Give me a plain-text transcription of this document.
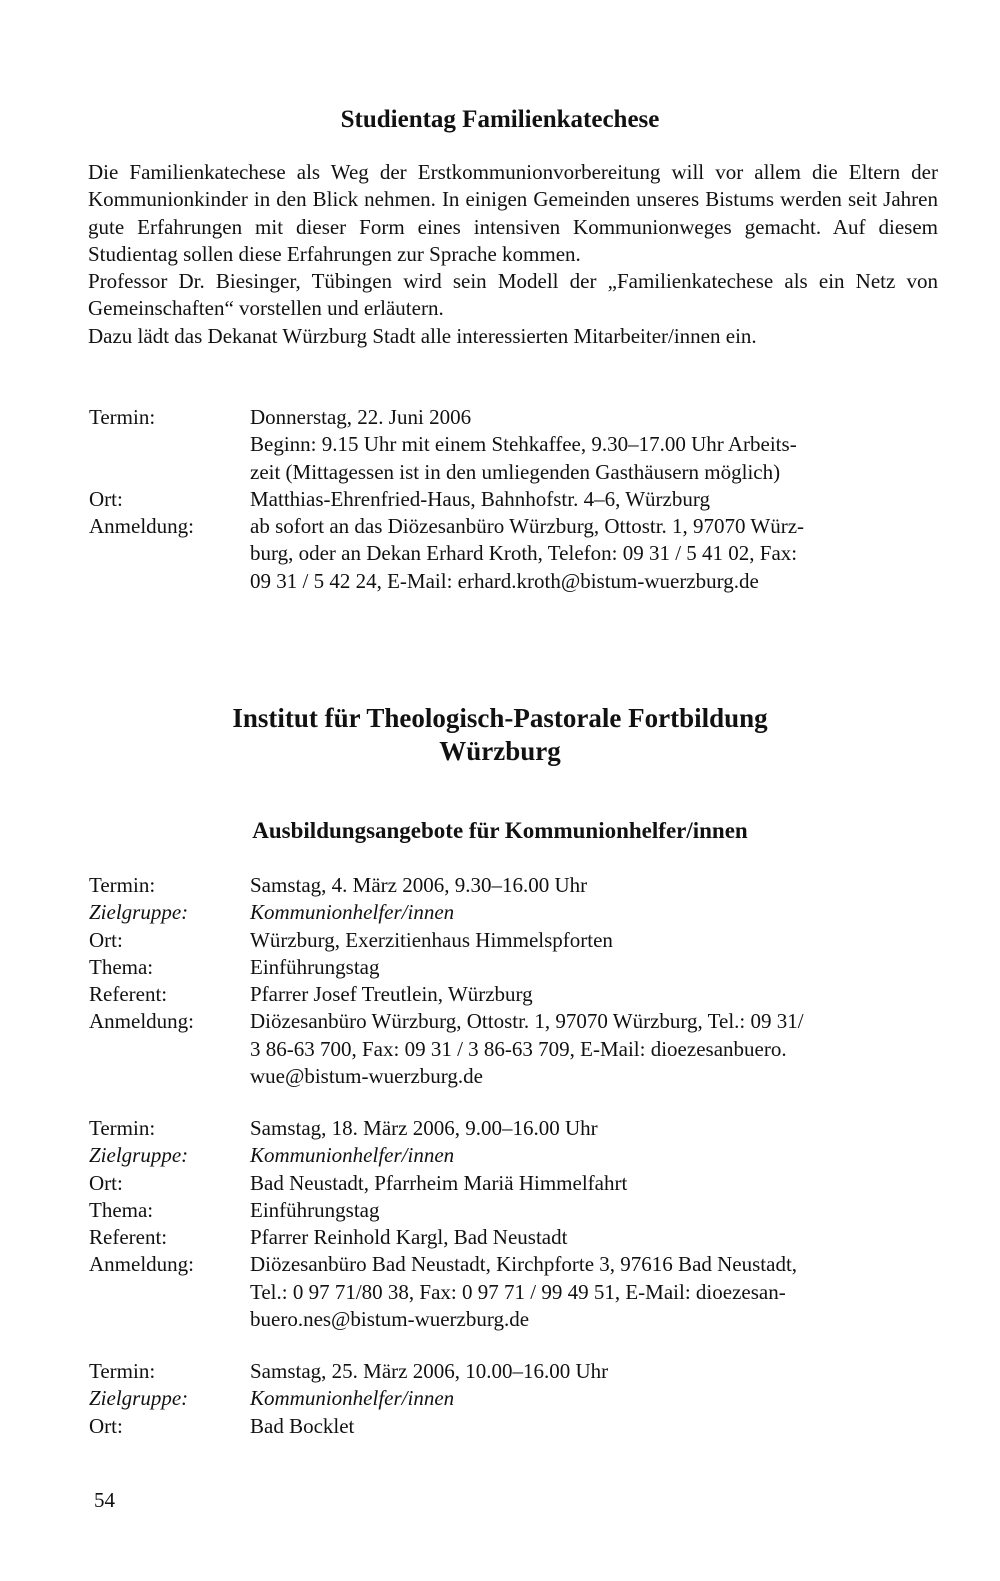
Studientag Familienkatechese

Die Familienkatechese als Weg der Erstkommunionvorbereitung will vor allem die Eltern der Kommunionkinder in den Blick nehmen. In einigen Gemeinden unseres Bistums werden seit Jahren gute Erfahrungen mit dieser Form eines intensiven Kommunionweges gemacht. Auf diesem Studientag sollen diese Erfahrungen zur Sprache kommen.

Professor Dr. Biesinger, Tübingen wird sein Modell der „Familienkatechese als ein Netz von Gemeinschaften“ vorstellen und erläutern.

Dazu lädt das Dekanat Würzburg Stadt alle interessierten Mitarbeiter/innen ein.

Termin:	Donnerstag, 22. Juni 2006
Beginn: 9.15 Uhr mit einem Stehkaffee, 9.30–17.00 Uhr Arbeits-
zeit (Mittagessen ist in den umliegenden Gasthäusern möglich)
Ort:	Matthias-Ehrenfried-Haus, Bahnhofstr. 4–6, Würzburg
Anmeldung:	ab sofort an das Diözesanbüro Würzburg, Ottostr. 1, 97070 Würz-
burg, oder an Dekan Erhard Kroth, Telefon: 09 31 / 5 41 02, Fax:
09 31 / 5 42 24, E-Mail: erhard.kroth@bistum-wuerzburg.de
Institut für Theologisch-Pastorale Fortbildung
Würzburg
Ausbildungsangebote für Kommunionhelfer/innen
Termin:	Samstag, 4. März 2006, 9.30–16.00 Uhr
Zielgruppe:	Kommunionhelfer/innen
Ort:	Würzburg, Exerzitienhaus Himmelspforten
Thema:	Einführungstag
Referent:	Pfarrer Josef Treutlein, Würzburg
Anmeldung:	Diözesanbüro Würzburg, Ottostr. 1, 97070 Würzburg, Tel.: 09 31/
3 86-63 700, Fax: 09 31 / 3 86-63 709, E-Mail: dioezesanbuero.
wue@bistum-wuerzburg.de
Termin:	Samstag, 18. März 2006, 9.00–16.00 Uhr
Zielgruppe:	Kommunionhelfer/innen
Ort:	Bad Neustadt, Pfarrheim Mariä Himmelfahrt
Thema:	Einführungstag
Referent:	Pfarrer Reinhold Kargl, Bad Neustadt
Anmeldung:	Diözesanbüro Bad Neustadt, Kirchpforte 3, 97616 Bad Neustadt,
Tel.: 0 97 71/80 38, Fax: 0 97 71 / 99 49 51, E-Mail: dioezesan-
buero.nes@bistum-wuerzburg.de
Termin:	Samstag, 25. März 2006, 10.00–16.00 Uhr
Zielgruppe:	Kommunionhelfer/innen
Ort:	Bad Bocklet
54
